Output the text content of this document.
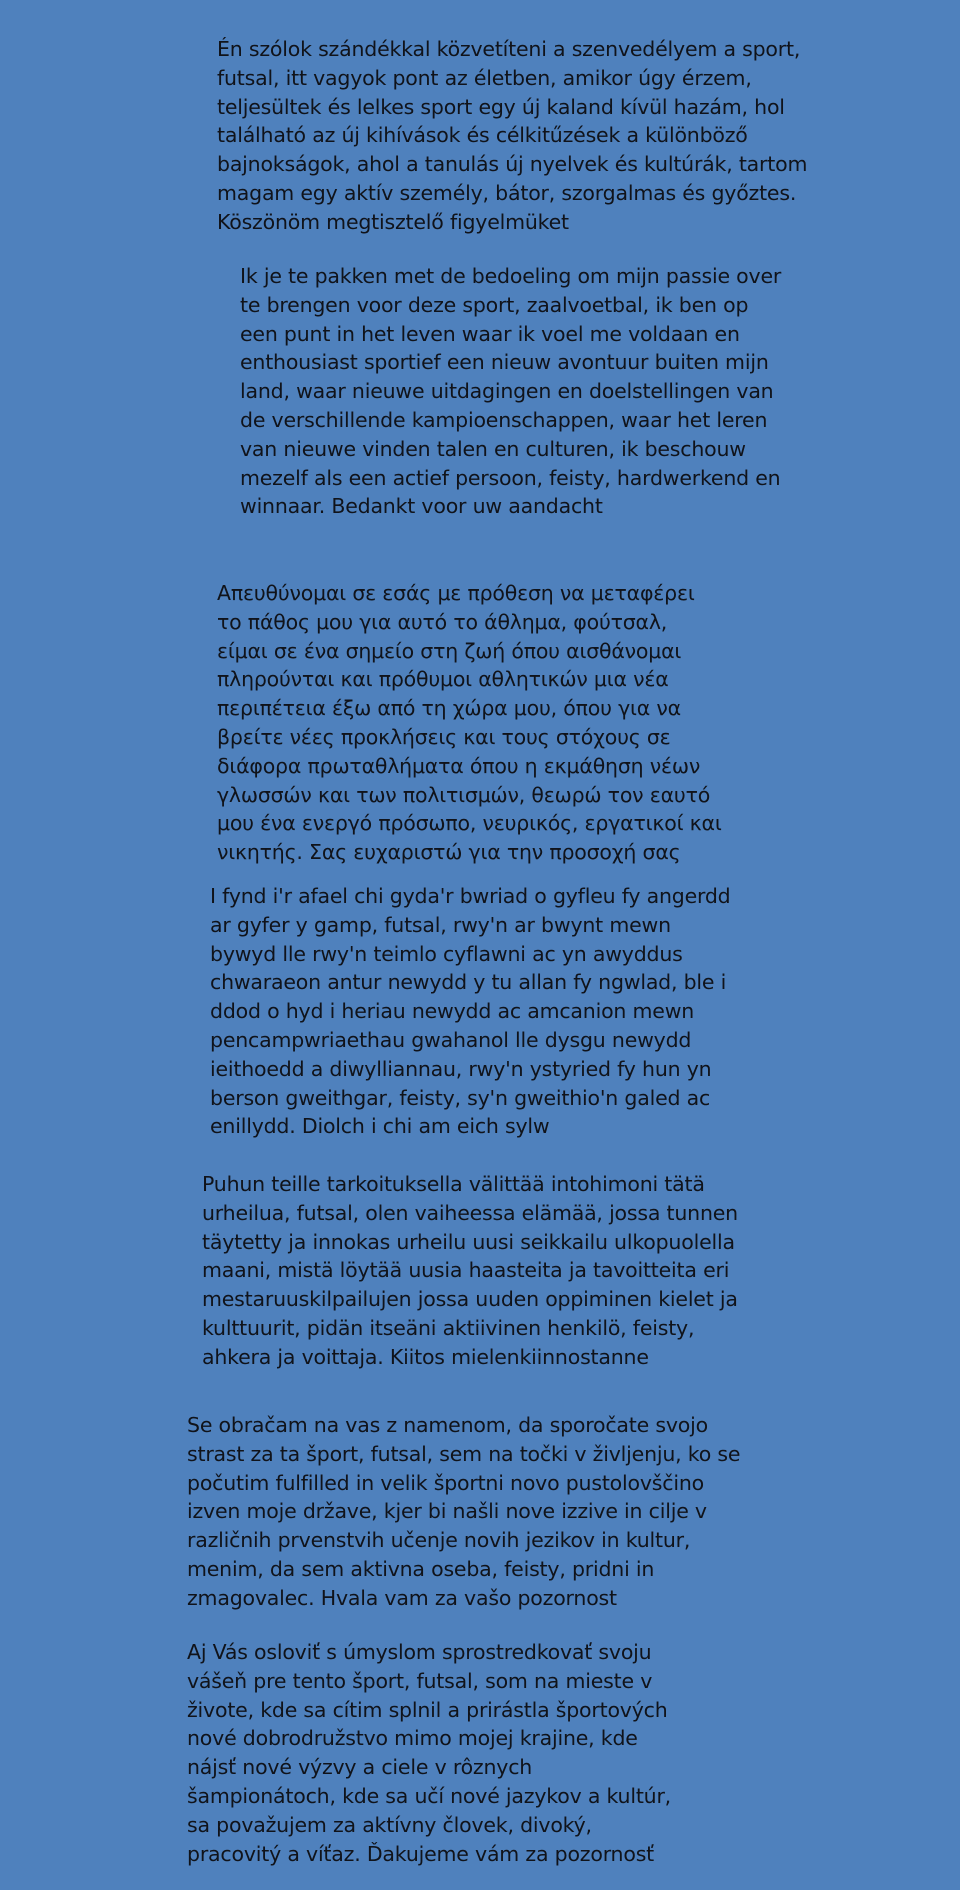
Én szólok szándékkal közvetíteni a szenvedélyem a sport,
futsal, itt vagyok pont az életben, amikor úgy érzem,
teljesültek és lelkes sport egy új kaland kívül hazám, hol
található az új kihívások és célkitűzések a különböző
bajnokságok, ahol a tanulás új nyelvek és kultúrák, tartom
magam egy aktív személy, bátor, szorgalmas és győztes.
Köszönöm megtisztelő figyelmüket

Ik je te pakken met de bedoeling om mijn passie over
te brengen voor deze sport, zaalvoetbal, ik ben op
een punt in het leven waar ik voel me voldaan en
enthousiast sportief een nieuw avontuur buiten mijn
land, waar nieuwe uitdagingen en doelstellingen van
de verschillende kampioenschappen, waar het leren
van nieuwe vinden talen en culturen, ik beschouw
mezelf als een actief persoon, feisty, hardwerkend en
winnaar. Bedankt voor uw aandacht

Απευθύνομαι σε εσάς με πρόθεση να μεταφέρει
το πάθος μου για αυτό το άθλημα, φούτσαλ,
είμαι σε ένα σημείο στη ζωή όπου αισθάνομαι
πληρούνται και πρόθυμοι αθλητικών μια νέα
περιπέτεια έξω από τη χώρα μου, όπου για να
βρείτε νέες προκλήσεις και τους στόχους σε
διάφορα πρωταθλήματα όπου η εκμάθηση νέων
γλωσσών και των πολιτισμών, θεωρώ τον εαυτό
μου ένα ενεργό πρόσωπο, νευρικός, εργατικοί και
νικητής. Σας ευχαριστώ για την προσοχή σας

I fynd i'r afael chi gyda'r bwriad o gyfleu fy angerdd
ar gyfer y gamp, futsal, rwy'n ar bwynt mewn
bywyd lle rwy'n teimlo cyflawni ac yn awyddus
chwaraeon antur newydd y tu allan fy ngwlad, ble i
ddod o hyd i heriau newydd ac amcanion mewn
pencampwriaethau gwahanol lle dysgu newydd
ieithoedd a diwylliannau, rwy'n ystyried fy hun yn
berson gweithgar, feisty, sy'n gweithio'n galed ac
enillydd. Diolch i chi am eich sylw

Puhun teille tarkoituksella välittää intohimoni tätä
urheilua, futsal, olen vaiheessa elämää, jossa tunnen
täytetty ja innokas urheilu uusi seikkailu ulkopuolella
maani, mistä löytää uusia haasteita ja tavoitteita eri
mestaruuskilpailujen jossa uuden oppiminen kielet ja
kulttuurit, pidän itseäni aktiivinen henkilö, feisty,
ahkera ja voittaja. Kiitos mielenkiinnostanne

Se obračam na vas z namenom, da sporočate svojo
strast za ta šport, futsal, sem na točki v življenju, ko se
počutim fulfilled in velik športni novo pustolovščino
izven moje države, kjer bi našli nove izzive in cilje v
različnih prvenstvih učenje novih jezikov in kultur,
menim, da sem aktivna oseba, feisty, pridni in
zmagovalec. Hvala vam za vašo pozornost

Aj Vás osloviť s úmyslom sprostredkovať svoju
vášeň pre tento šport, futsal, som na mieste v
živote, kde sa cítim splnil a prirástla športových
nové dobrodružstvo mimo mojej krajine, kde
nájsť nové výzvy a ciele v rôznych
šampionátoch, kde sa učí nové jazykov a kultúr,
sa považujem za aktívny človek, divoký,
pracovitý a víťaz. Ďakujeme vám za pozornosť
